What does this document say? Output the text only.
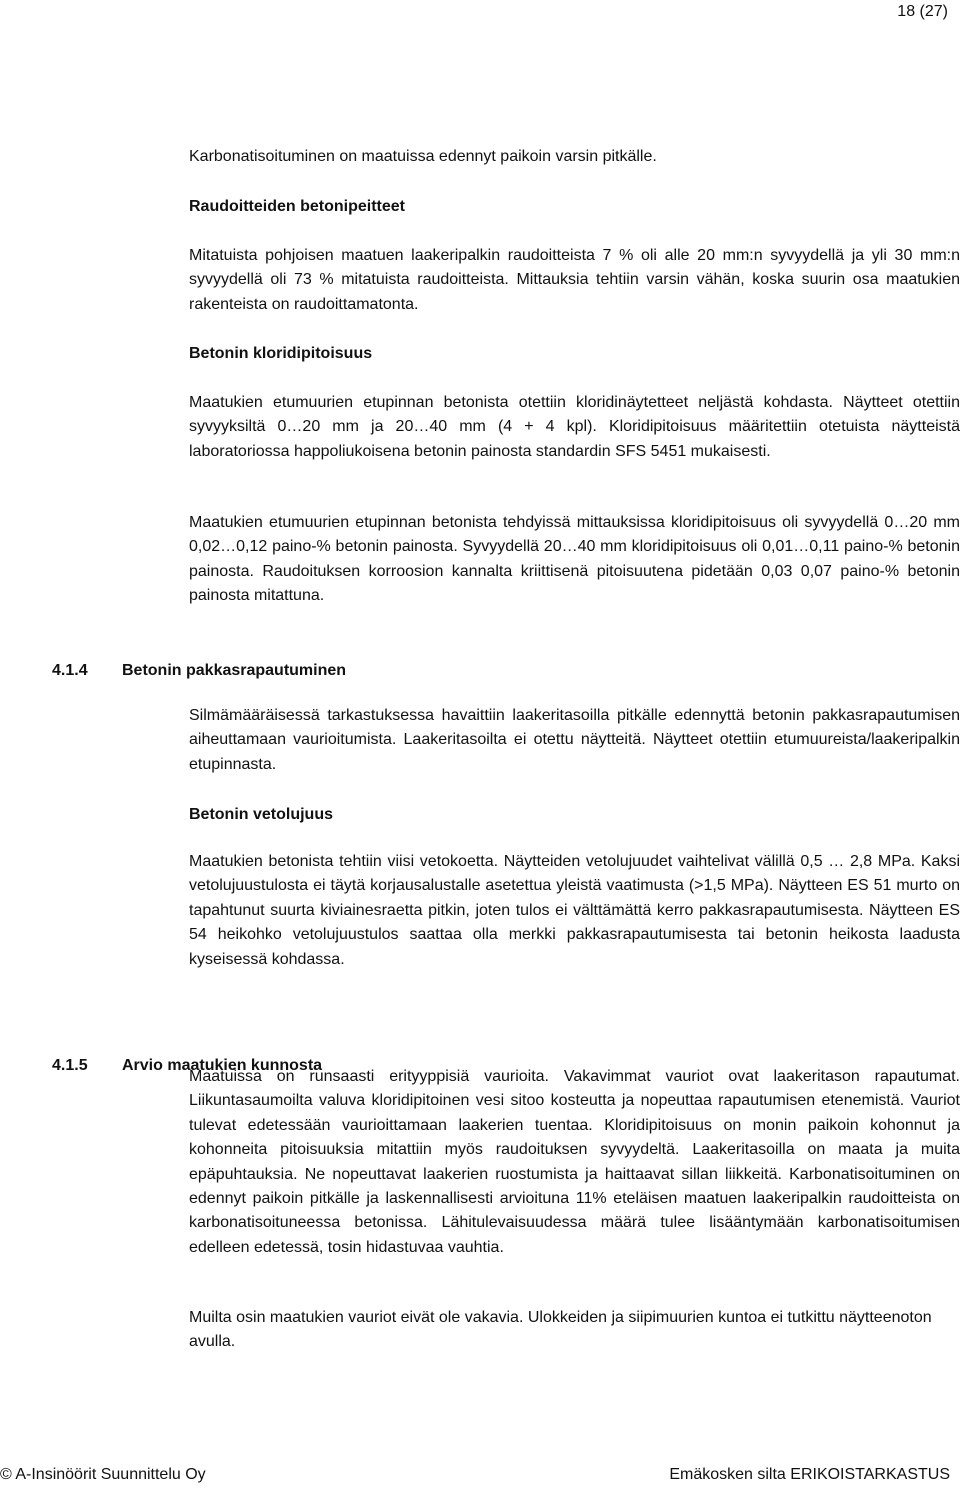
18 (27)

Karbonatisoituminen on maatuissa edennyt paikoin varsin pitkälle.

Raudoitteiden betonipeitteet

Mitatuista pohjoisen maatuen laakeripalkin raudoitteista 7 % oli alle 20 mm:n syvyydellä ja yli 30 mm:n syvyydellä oli 73 % mitatuista raudoitteista. Mittauksia tehtiin varsin vähän, koska suurin osa maatukien rakenteista on raudoittamatonta.

Betonin kloridipitoisuus

Maatukien etumuurien etupinnan betonista otettiin kloridinäytetteet neljästä kohdasta. Näytteet otettiin syvyyksiltä 0…20 mm ja 20…40 mm (4 + 4 kpl). Kloridipitoisuus määritettiin otetuista näytteistä laboratoriossa happoliukoisena betonin painosta standardin SFS 5451 mukaisesti.

Maatukien etumuurien etupinnan betonista tehdyissä mittauksissa kloridipitoisuus oli syvyydellä 0…20 mm 0,02…0,12 paino-% betonin painosta. Syvyydellä 20…40 mm kloridipitoisuus oli 0,01…0,11 paino-% betonin painosta. Raudoituksen korroosion kannalta kriittisenä pitoisuutena pidetään 0,03 0,07 paino-% betonin painosta mitattuna.

4.1.4 Betonin pakkasrapautuminen

Silmämääräisessä tarkastuksessa havaittiin laakeritasoilla pitkälle edennyttä betonin pakkasrapautumisen aiheuttamaan vaurioitumista. Laakeritasoilta ei otettu näytteitä. Näytteet otettiin etumuureista/laakeripalkin etupinnasta.

Betonin vetolujuus

Maatukien betonista tehtiin viisi vetokoetta. Näytteiden vetolujuudet vaihtelivat välillä 0,5 … 2,8 MPa. Kaksi vetolujuustulosta ei täytä korjausalustalle asetettua yleistä vaatimusta (>1,5 MPa). Näytteen ES 51 murto on tapahtunut suurta kiviainesraetta pitkin, joten tulos ei välttämättä kerro pakkasrapautumisesta. Näytteen ES 54 heikohko vetolujuustulos saattaa olla merkki pakkasrapautumisesta tai betonin heikosta laadusta kyseisessä kohdassa.

4.1.5 Arvio maatukien kunnosta

Maatuissa on runsaasti erityyppisiä vaurioita. Vakavimmat vauriot ovat laakeritason rapautumat. Liikuntasaumoilta valuva kloridipitoinen vesi sitoo kosteutta ja nopeuttaa rapautumisen etenemistä. Vauriot tulevat edetessään vaurioittamaan laakerien tuentaa. Kloridipitoisuus on monin paikoin kohonnut ja kohonneita pitoisuuksia mitattiin myös raudoituksen syvyydeltä. Laakeritasoilla on maata ja muita epäpuhtauksia. Ne nopeuttavat laakerien ruostumista ja haittaavat sillan liikkeitä. Karbonatisoituminen on edennyt paikoin pitkälle ja laskennallisesti arvioituna 11% eteläisen maatuen laakeripalkin raudoitteista on karbonatisoituneessa betonissa. Lähitulevaisuudessa määrä tulee lisääntymään karbonatisoitumisen edelleen edetessä, tosin hidastuvaa vauhtia.

Muilta osin maatukien vauriot eivät ole vakavia. Ulokkeiden ja siipimuurien kuntoa ei tutkittu näytteenoton avulla.

© A-Insinöörit Suunnittelu Oy	Emäkosken silta ERIKOISTARKASTUS
